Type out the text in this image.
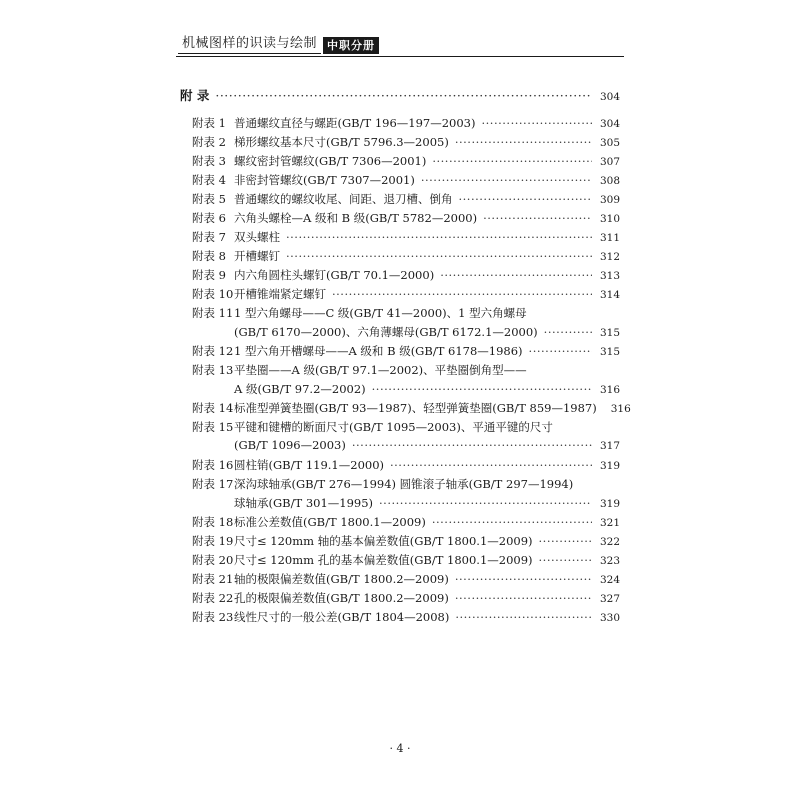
机械图样的识读与绘制 中职分册
附 录 ·····	304
附表 1 普通螺纹直径与螺距(GB/T 196—197—2003) ·····	304
附表 2 梯形螺纹基本尺寸(GB/T 5796.3—2005) ·····	305
附表 3 螺纹密封管螺纹(GB/T 7306—2001) ·····	307
附表 4 非密封管螺纹(GB/T 7307—2001) ·····	308
附表 5 普通螺纹的螺纹收尾、间距、退刀槽、倒角 ·····	309
附表 6 六角头螺栓—A 级和 B 级(GB/T 5782—2000) ·····	310
附表 7 双头螺柱 ·····	311
附表 8 开槽螺钉 ·····	312
附表 9 内六角圆柱头螺钉(GB/T 70.1—2000) ·····	313
附表 10 开槽锥端紧定螺钉 ·····	314
附表 11 1 型六角螺母——C 级(GB/T 41—2000)、1 型六角螺母
(GB/T 6170—2000)、六角薄螺母(GB/T 6172.1—2000) ·····	315
附表 12 1 型六角开槽螺母——A 级和 B 级(GB/T 6178—1986) ·····	315
附表 13 平垫圈——A 级(GB/T 97.1—2002)、平垫圈倒角型——
A 级(GB/T 97.2—2002) ·····	316
附表 14 标准型弹簧垫圈(GB/T 93—1987)、轻型弹簧垫圈(GB/T 859—1987) 316
附表 15 平键和键槽的断面尺寸(GB/T 1095—2003)、平通平键的尺寸
(GB/T 1096—2003) ·····	317
附表 16 圆柱销(GB/T 119.1—2000) ·····	319
附表 17 深沟球轴承(GB/T 276—1994) 圆锥滚子轴承(GB/T 297—1994)
球轴承(GB/T 301—1995) ·····	319
附表 18 标准公差数值(GB/T 1800.1—2009) ·····	321
附表 19 尺寸≤ 120mm 轴的基本偏差数值(GB/T 1800.1—2009) ·····	322
附表 20 尺寸≤ 120mm 孔的基本偏差数值(GB/T 1800.1—2009) ·····	323
附表 21 轴的极限偏差数值(GB/T 1800.2—2009) ·····	324
附表 22 孔的极限偏差数值(GB/T 1800.2—2009) ·····	327
附表 23 线性尺寸的一般公差(GB/T 1804—2008) ·····	330
· 4 ·
